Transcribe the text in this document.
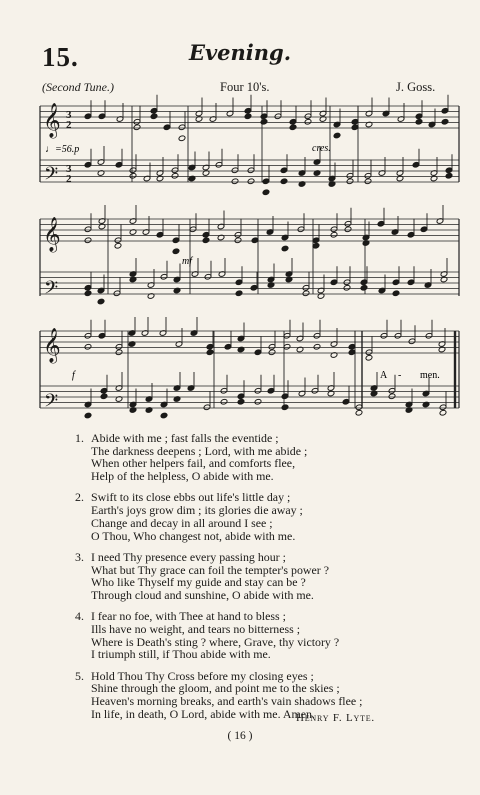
15.	Evening.
(Second Tune.)	Four 10's.	J. Goss.
𝄞
𝄢
𝄞
𝄢
𝄞
𝄢
3
2
3
2
♩=56.p	cres.
mf
f	A - men.
1. Abide with me ; fast falls the eventide ;
The darkness deepens ; Lord, with me abide ;
When other helpers fail, and comforts flee,
Help of the helpless, O abide with me.
2. Swift to its close ebbs out life's little day ;
Earth's joys grow dim ; its glories die away ;
Change and decay in all around I see ;
O Thou, Who changest not, abide with me.
3. I need Thy presence every passing hour ;
What but Thy grace can foil the tempter's power ?
Who like Thyself my guide and stay can be ?
Through cloud and sunshine, O abide with me.
4. I fear no foe, with Thee at hand to bless ;
Ills have no weight, and tears no bitterness ;
Where is Death's sting ? where, Grave, thy victory ?
I triumph still, if Thou abide with me.
5. Hold Thou Thy Cross before my closing eyes ;
Shine through the gloom, and point me to the skies ;
Heaven's morning breaks, and earth's vain shadows flee ;
In life, in death, O Lord, abide with me. Amen.
Henry F. Lyte.
( 16 )
